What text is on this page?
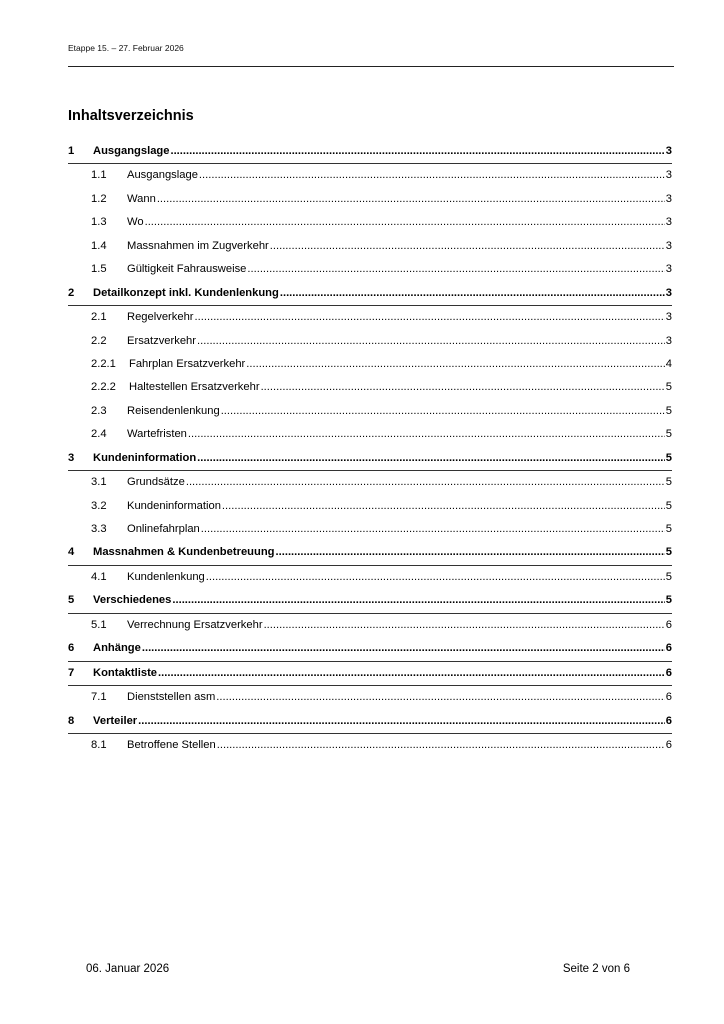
Etappe 15. – 27. Februar 2026
Inhaltsverzeichnis
1	Ausgangslage .....	3
1.1	Ausgangslage .....	3
1.2	Wann .....	3
1.3	Wo .....	3
1.4	Massnahmen im Zugverkehr .....	3
1.5	Gültigkeit Fahrausweise .....	3
2	Detailkonzept inkl. Kundenlenkung .....	3
2.1	Regelverkehr .....	3
2.2	Ersatzverkehr .....	3
2.2.1	Fahrplan Ersatzverkehr .....	4
2.2.2	Haltestellen Ersatzverkehr .....	5
2.3	Reisendenlenkung .....	5
2.4	Wartefristen .....	5
3	Kundeninformation .....	5
3.1	Grundsätze .....	5
3.2	Kundeninformation .....	5
3.3	Onlinefahrplan .....	5
4	Massnahmen & Kundenbetreuung .....	5
4.1	Kundenlenkung .....	5
5	Verschiedenes .....	5
5.1	Verrechnung Ersatzverkehr .....	6
6	Anhänge .....	6
7	Kontaktliste .....	6
7.1	Dienststellen asm .....	6
8	Verteiler .....	6
8.1	Betroffene Stellen .....	6
06. Januar 2026	Seite 2 von 6
